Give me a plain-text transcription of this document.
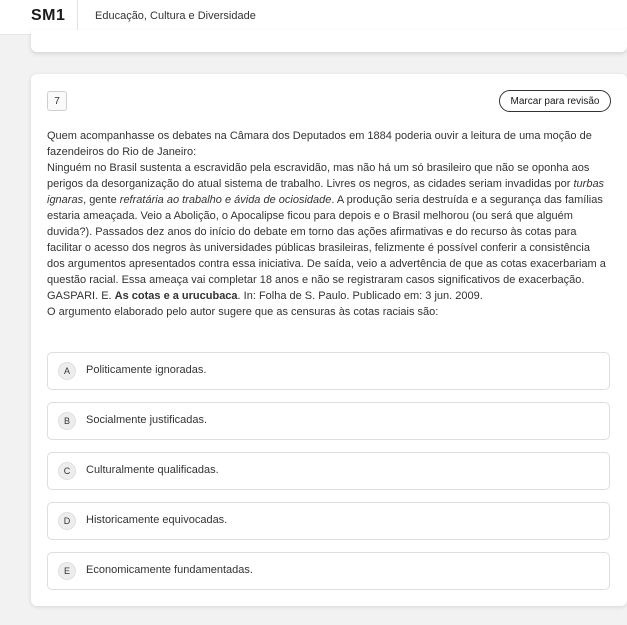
SM1	Educação, Cultura e Diversidade
7	Marcar para revisão

Quem acompanhasse os debates na Câmara dos Deputados em 1884 poderia ouvir a leitura de uma moção de fazendeiros do Rio de Janeiro:

Ninguém no Brasil sustenta a escravidão pela escravidão, mas não há um só brasileiro que não se oponha aos perigos da desorganização do atual sistema de trabalho. Livres os negros, as cidades seriam invadidas por turbas ignaras, gente refratária ao trabalho e ávida de ociosidade. A produção seria destruída e a segurança das famílias estaria ameaçada. Veio a Abolição, o Apocalipse ficou para depois e o Brasil melhorou (ou será que alguém duvida?). Passados dez anos do início do debate em torno das ações afirmativas e do recurso às cotas para facilitar o acesso dos negros às universidades públicas brasileiras, felizmente é possível conferir a consistência dos argumentos apresentados contra essa iniciativa. De saída, veio a advertência de que as cotas exacerbariam a questão racial. Essa ameaça vai completar 18 anos e não se registraram casos significativos de exacerbação.

GASPARI. E. As cotas e a urucubaca. In: Folha de S. Paulo. Publicado em: 3 jun. 2009.

O argumento elaborado pelo autor sugere que as censuras às cotas raciais são:

A	Politicamente ignoradas.
B	Socialmente justificadas.
C	Culturalmente qualificadas.
D	Historicamente equivocadas.
E	Economicamente fundamentadas.
